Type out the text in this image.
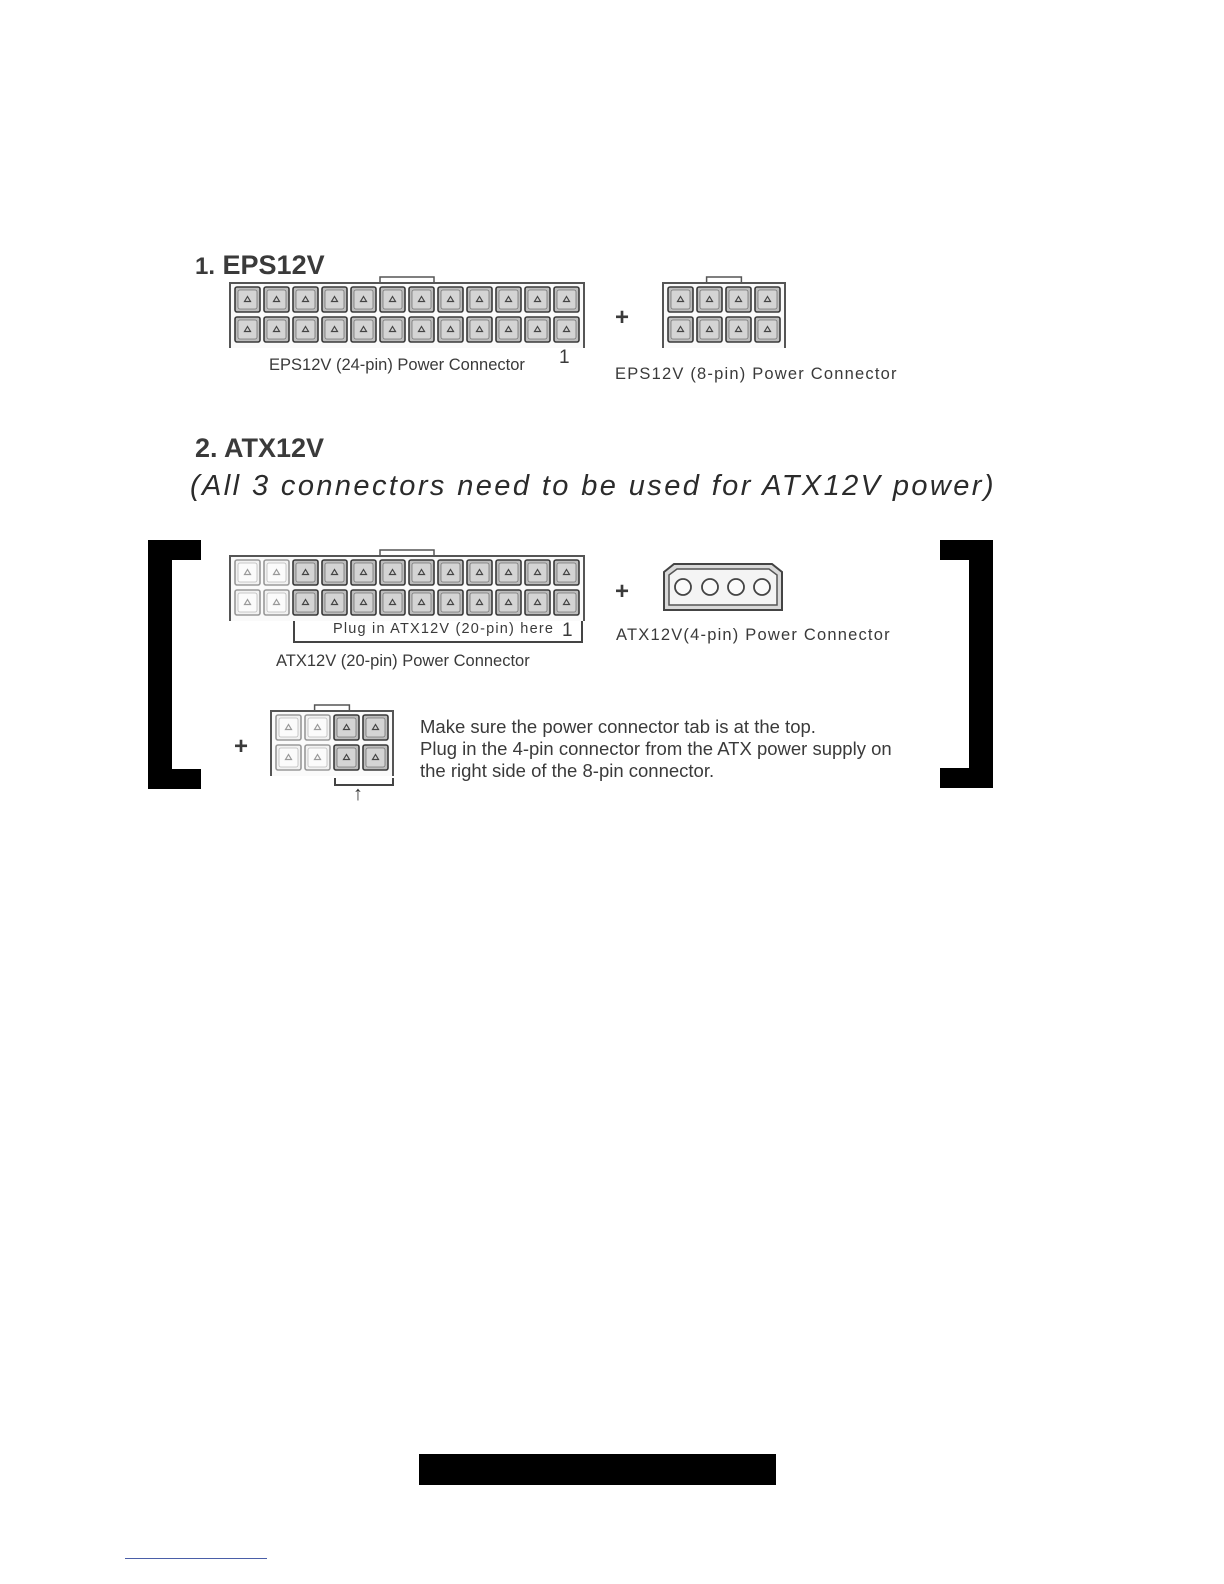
1. EPS12V
EPS12V (24-pin) Power Connector 1
+
EPS12V (8-pin) Power Connector
2. ATX12V
(All 3 connectors need to be used for ATX12V power)
Plug in ATX12V (20-pin) here 1
ATX12V (20-pin) Power Connector
+
ATX12V(4-pin) Power Connector
+
↑
Make sure the power connector tab is at the top.
Plug in the 4-pin connector from the ATX power supply on
the right side of the 8-pin connector.
